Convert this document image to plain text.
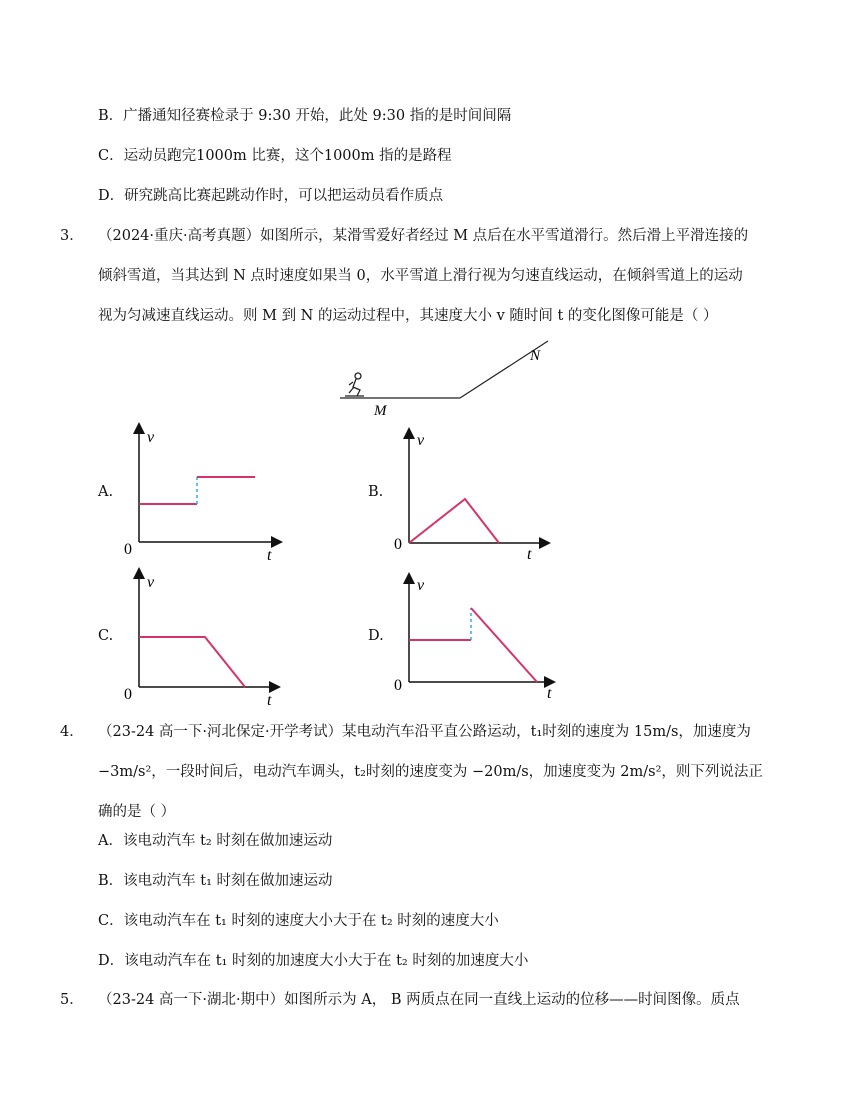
B．广播通知径赛检录于 9:30 开始，此处 9:30 指的是时间间隔
C．运动员跑完1000m 比赛，这个1000m 指的是路程
D．研究跳高比赛起跳动作时，可以把运动员看作质点
3． （2024·重庆·高考真题）如图所示，某滑雪爱好者经过 M 点后在水平雪道滑行。然后滑上平滑连接的
倾斜雪道，当其达到 N 点时速度如果当 0，水平雪道上滑行视为匀速直线运动，在倾斜雪道上的运动
视为匀减速直线运动。则 M 到 N 的运动过程中，其速度大小 v 随时间 t 的变化图像可能是（ ）
M
N
A.
v
t
0
B.
v
t
0
C.
v
t
0
D.
v
t
0
4． （23-24 高一下·河北保定·开学考试）某电动汽车沿平直公路运动，t₁时刻的速度为 15m/s，加速度为
−3m/s²，一段时间后，电动汽车调头，t₂时刻的速度变为 −20m/s，加速度变为 2m/s²，则下列说法正
确的是（ ）
A．该电动汽车 t₂ 时刻在做加速运动
B．该电动汽车 t₁ 时刻在做加速运动
C．该电动汽车在 t₁ 时刻的速度大小大于在 t₂ 时刻的速度大小
D．该电动汽车在 t₁ 时刻的加速度大小大于在 t₂ 时刻的加速度大小
5． （23-24 高一下·湖北·期中）如图所示为 A， B 两质点在同一直线上运动的位移——时间图像。质点
